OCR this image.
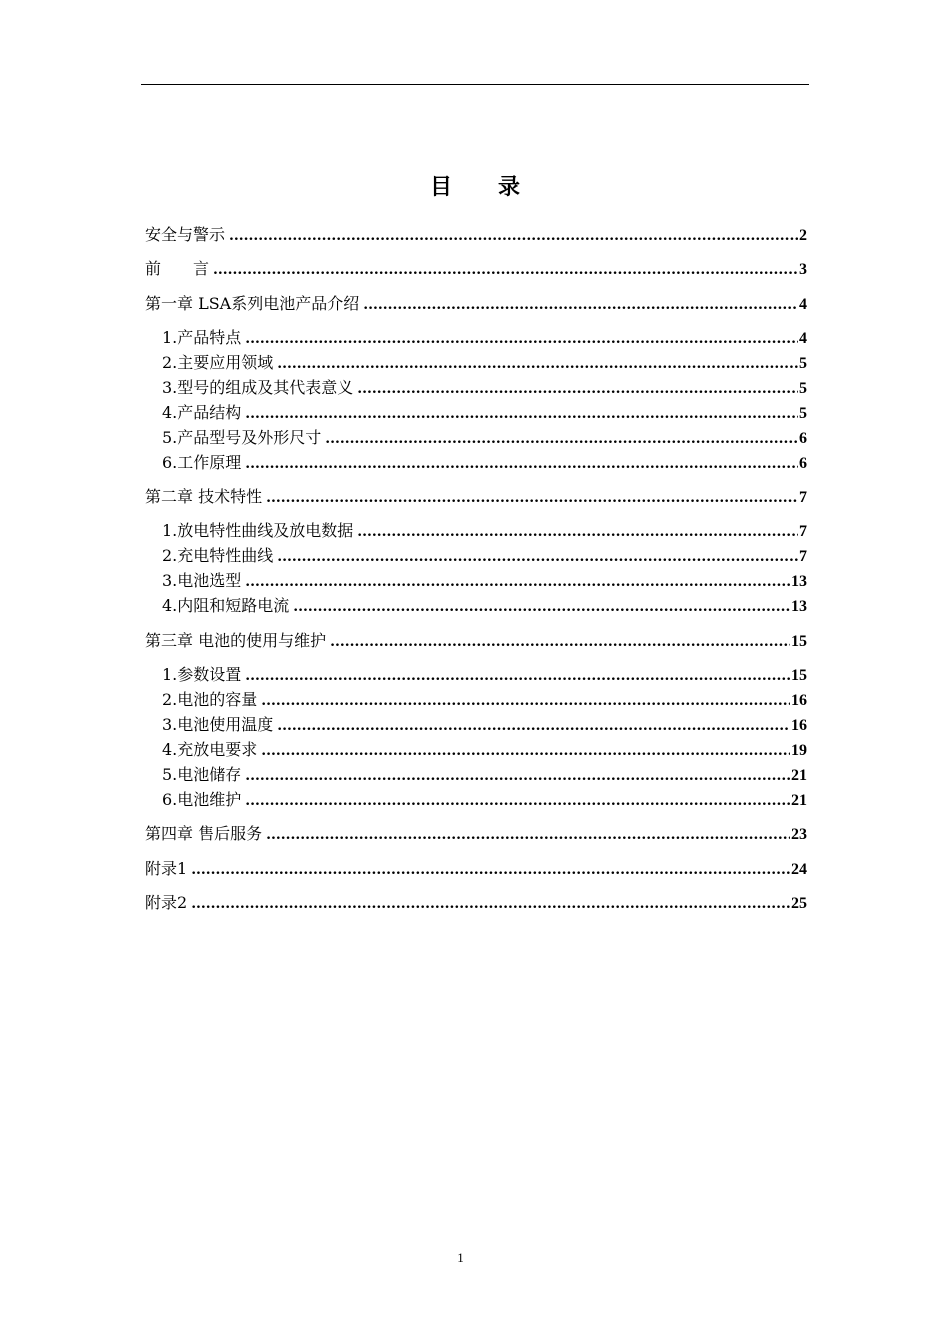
目 录
安全与警示 .....	2
前　　言 .....	3
第一章 LSA系列电池产品介绍 .....	4
1.产品特点 .....	4
2.主要应用领域 .....	5
3.型号的组成及其代表意义 .....	5
4.产品结构 .....	5
5.产品型号及外形尺寸 .....	6
6.工作原理 .....	6
第二章 技术特性 .....	7
1.放电特性曲线及放电数据 .....	7
2.充电特性曲线 .....	7
3.电池选型 .....	13
4.内阻和短路电流 .....	13
第三章 电池的使用与维护 .....	15
1.参数设置 .....	15
2.电池的容量 .....	16
3.电池使用温度 .....	16
4.充放电要求 .....	19
5.电池储存 .....	21
6.电池维护 .....	21
第四章 售后服务 .....	23
附录1 .....	24
附录2 .....	25
1
